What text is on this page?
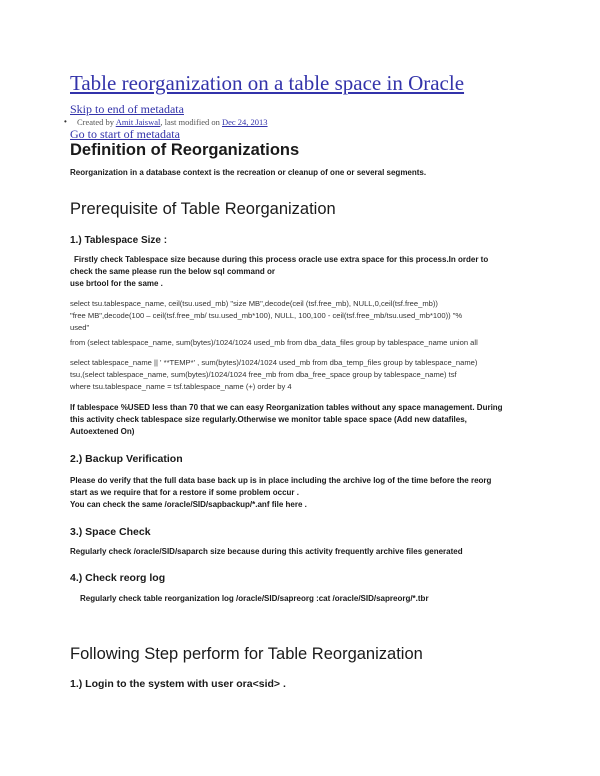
Table reorganization on a table space in Oracle
Skip to end of metadata
• Created by Amit Jaiswal, last modified on Dec 24, 2013
Go to start of metadata
Definition of Reorganizations
Reorganization in a database context is the recreation or cleanup of one or several segments.
Prerequisite of Table Reorganization
1.) Tablespace Size :
Firstly check Tablespace size because during this process oracle use extra space for this process.In order to
check the same please run the below sql command or
use brtool for the same .
select tsu.tablespace_name, ceil(tsu.used_mb) "size MB",decode(ceil (tsf.free_mb), NULL,0,ceil(tsf.free_mb))
"free MB",decode(100 – ceil(tsf.free_mb/ tsu.used_mb*100), NULL, 100,100 - ceil(tsf.free_mb/tsu.used_mb*100)) "%
used"
from (select tablespace_name, sum(bytes)/1024/1024 used_mb from dba_data_files group by tablespace_name union all
select tablespace_name || ' **TEMP*' , sum(bytes)/1024/1024 used_mb from dba_temp_files group by tablespace_name)
tsu,(select tablespace_name, sum(bytes)/1024/1024 free_mb from dba_free_space group by tablespace_name) tsf
where tsu.tablespace_name = tsf.tablespace_name (+) order by 4
If tablespace %USED less than 70 that we can easy Reorganization tables without any space management. During
this activity check tablespace size regularly.Otherwise we monitor table space space (Add new datafiles,
Autoextened On)
2.) Backup Verification
Please do verify that the full data base back up is in place including the archive log of the time before the reorg
start as we require that for a restore if some problem occur .
You can check the same /oracle/SID/sapbackup/*.anf file here .
3.) Space Check
Regularly check /oracle/SID/saparch size because during this activity frequently archive files generated
4.) Check reorg log
Regularly check table reorganization log /oracle/SID/sapreorg :cat /oracle/SID/sapreorg/*.tbr
Following Step perform for Table Reorganization
1.) Login to the system with user ora<sid> .
